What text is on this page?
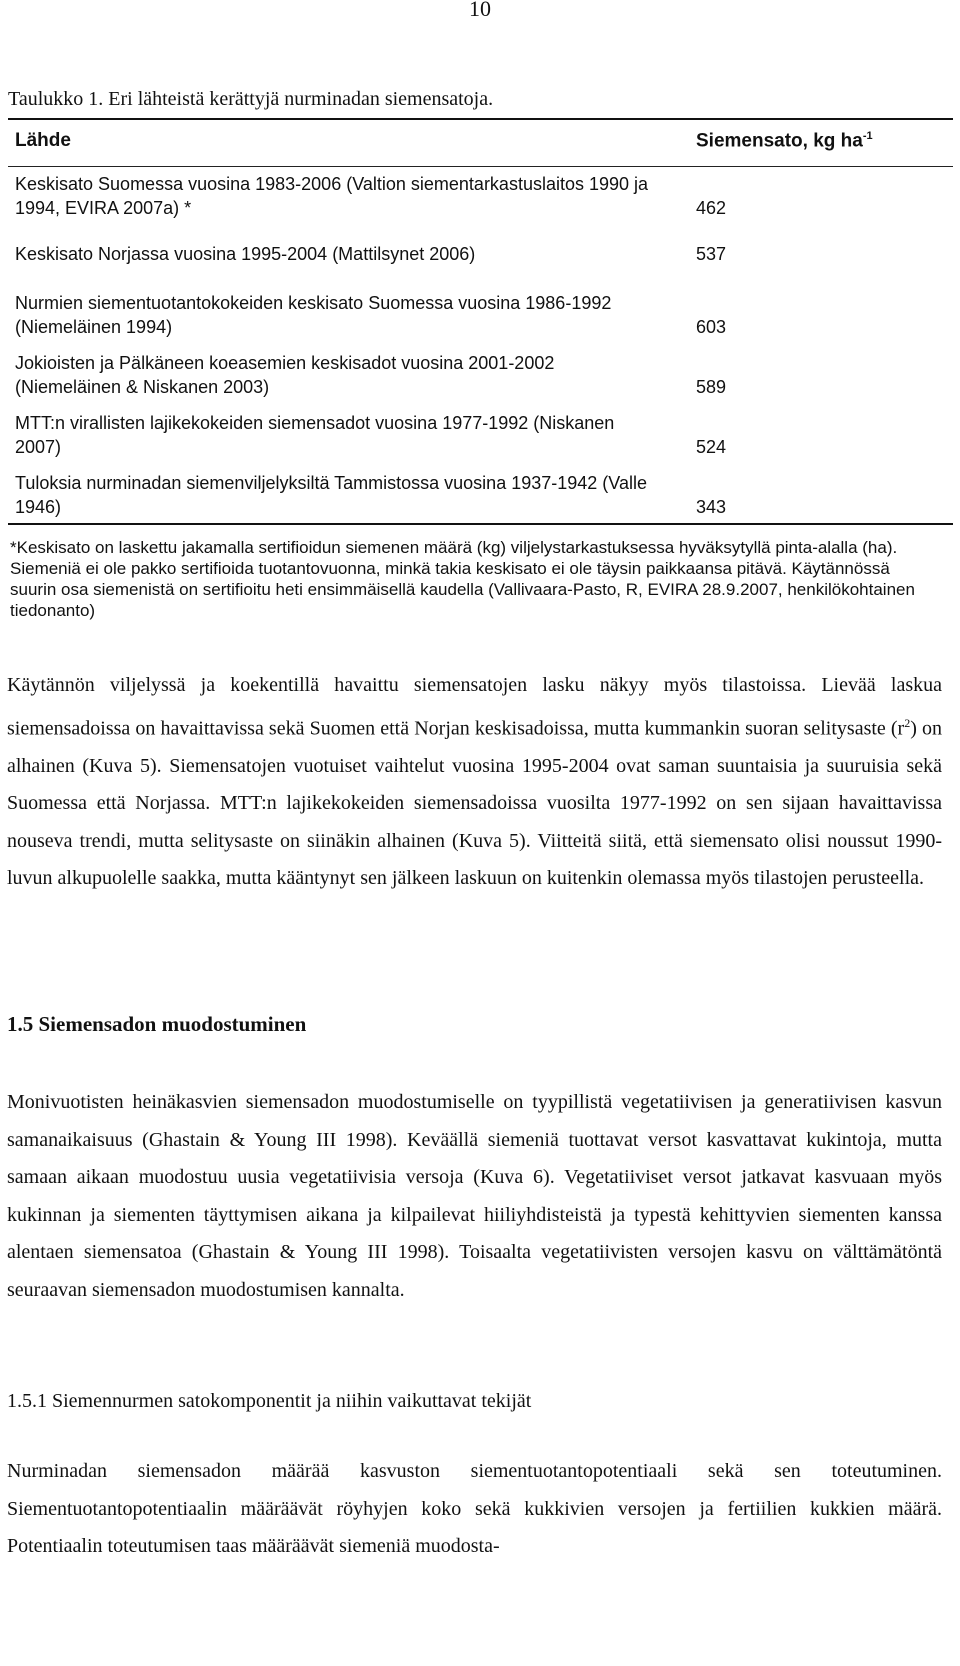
10
Taulukko 1. Eri lähteistä kerättyjä nurminadan siemensatoja.
Lähde	Siemensato, kg $ha^{-1}$
Keskisato Suomessa vuosina 1983-2006 (Valtion siementarkastuslaitos 1990 ja 1994, EVIRA 2007a) *	462
Keskisato Norjassa vuosina 1995-2004 (Mattilsynet 2006)	537
Nurmien siementuotantokokeiden keskisato Suomessa vuosina 1986-1992 (Niemeläinen 1994)	603
Jokioisten ja Pälkäneen koeasemien keskisadot vuosina 2001-2002 (Niemeläinen & Niskanen 2003)	589
MTT:n virallisten lajikekokeiden siemensadot vuosina 1977-1992 (Niskanen 2007)	524
Tuloksia nurminadan siemenviljelyksiltä Tammistossa vuosina 1937-1942 (Valle 1946)	343
*Keskisato on laskettu jakamalla sertifioidun siemenen määrä (kg) viljelystarkastuksessa hyväksytyllä pinta-alalla (ha). Siemeniä ei ole pakko sertifioida tuotantovuonna, minkä takia keskisato ei ole täysin paikkaansa pitävä. Käytännössä suurin osa siemenistä on sertifioitu heti ensimmäisellä kaudella (Vallivaara-Pasto, R, EVIRA 28.9.2007, henkilökohtainen tiedonanto)
Käytännön viljelyssä ja koekentillä havaittu siemensatojen lasku näkyy myös tilastoissa. Lievää laskua siemensadoissa on havaittavissa sekä Suomen että Norjan keskisadoissa, mutta kummankin suoran selitysaste $(r^2)$ on alhainen (Kuva 5). Siemensatojen vuotuiset vaihtelut vuosina 1995-2004 ovat saman suuntaisia ja suuruisia sekä Suomessa että Norjassa. MTT:n lajikekokeiden siemensadoissa vuosilta 1977-1992 on sen sijaan havaittavissa nouseva trendi, mutta selitysaste on siinäkin alhainen (Kuva 5). Viitteitä siitä, että siemensato olisi noussut 1990-luvun alkupuolelle saakka, mutta kääntynyt sen jälkeen laskuun on kuitenkin olemassa myös tilastojen perusteella.
1.5 Siemensadon muodostuminen
Monivuotisten heinäkasvien siemensadon muodostumiselle on tyypillistä vegetatiivisen ja generatiivisen kasvun samanaikaisuus (Ghastain & Young III 1998). Keväällä siemeniä tuottavat versot kasvattavat kukintoja, mutta samaan aikaan muodostuu uusia vegetatiivisia versoja (Kuva 6). Vegetatiiviset versot jatkavat kasvuaan myös kukinnan ja siementen täyttymisen aikana ja kilpailevat hiiliyhdisteistä ja typestä kehittyvien siementen kanssa alentaen siemensatoa (Ghastain & Young III 1998). Toisaalta vegetatiivisten versojen kasvu on välttämätöntä seuraavan siemensadon muodostumisen kannalta.
1.5.1 Siemennurmen satokomponentit ja niihin vaikuttavat tekijät
Nurminadan siemensadon määrää kasvuston siementuotantopotentiaali sekä sen toteutuminen. Siementuotantopotentiaalin määräävät röyhyjen koko sekä kukkivien versojen ja fertiilien kukkien määrä. Potentiaalin toteutumisen taas määräävät siemeniä muodosta-
